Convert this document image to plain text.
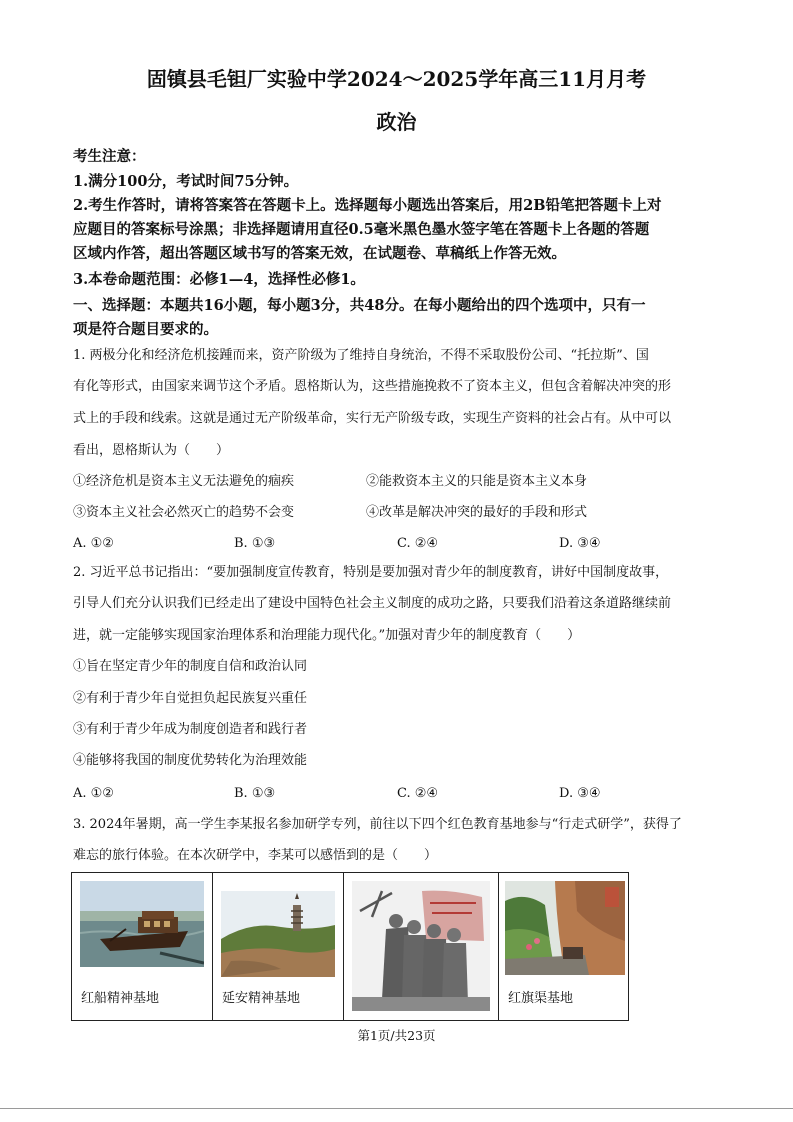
固镇县毛钽厂实验中学2024～2025学年高三11月月考
政治
考生注意：
1.满分100分，考试时间75分钟。
2.考生作答时，请将答案答在答题卡上。选择题每小题选出答案后，用2B铅笔把答题卡上对
应题目的答案标号涂黑；非选择题请用直径0.5毫米黑色墨水签字笔在答题卡上各题的答题
区域内作答，超出答题区域书写的答案无效，在试题卷、草稿纸上作答无效。
3.本卷命题范围：必修1—4，选择性必修1。
一、选择题：本题共16小题，每小题3分，共48分。在每小题给出的四个选项中，只有一
项是符合题目要求的。
1. 两极分化和经济危机接踵而来，资产阶级为了维持自身统治，不得不采取股份公司、“托拉斯”、国
有化等形式，由国家来调节这个矛盾。恩格斯认为，这些措施挽救不了资本主义，但包含着解决冲突的形
式上的手段和线索。这就是通过无产阶级革命，实行无产阶级专政，实现生产资料的社会占有。从中可以
看出，恩格斯认为（　　）
①经济危机是资本主义无法避免的痼疾	②能救资本主义的只能是资本主义本身
③资本主义社会必然灭亡的趋势不会变	④改革是解决冲突的最好的手段和形式
A. ①②	B. ①③	C. ②④	D. ③④
2. 习近平总书记指出：“要加强制度宣传教育，特别是要加强对青少年的制度教育，讲好中国制度故事，
引导人们充分认识我们已经走出了建设中国特色社会主义制度的成功之路，只要我们沿着这条道路继续前
进，就一定能够实现国家治理体系和治理能力现代化。”加强对青少年的制度教育（　　）
①旨在坚定青少年的制度自信和政治认同
②有利于青少年自觉担负起民族复兴重任
③有利于青少年成为制度创造者和践行者
④能够将我国的制度优势转化为治理效能
A. ①②	B. ①③	C. ②④	D. ③④
3. 2024年暑期，高一学生李某报名参加研学专列，前往以下四个红色教育基地参与“行走式研学”，获得了
难忘的旅行体验。在本次研学中，李某可以感悟到的是（　　）
红船精神基地	延安精神基地	红旗渠基地
第1页/共23页
